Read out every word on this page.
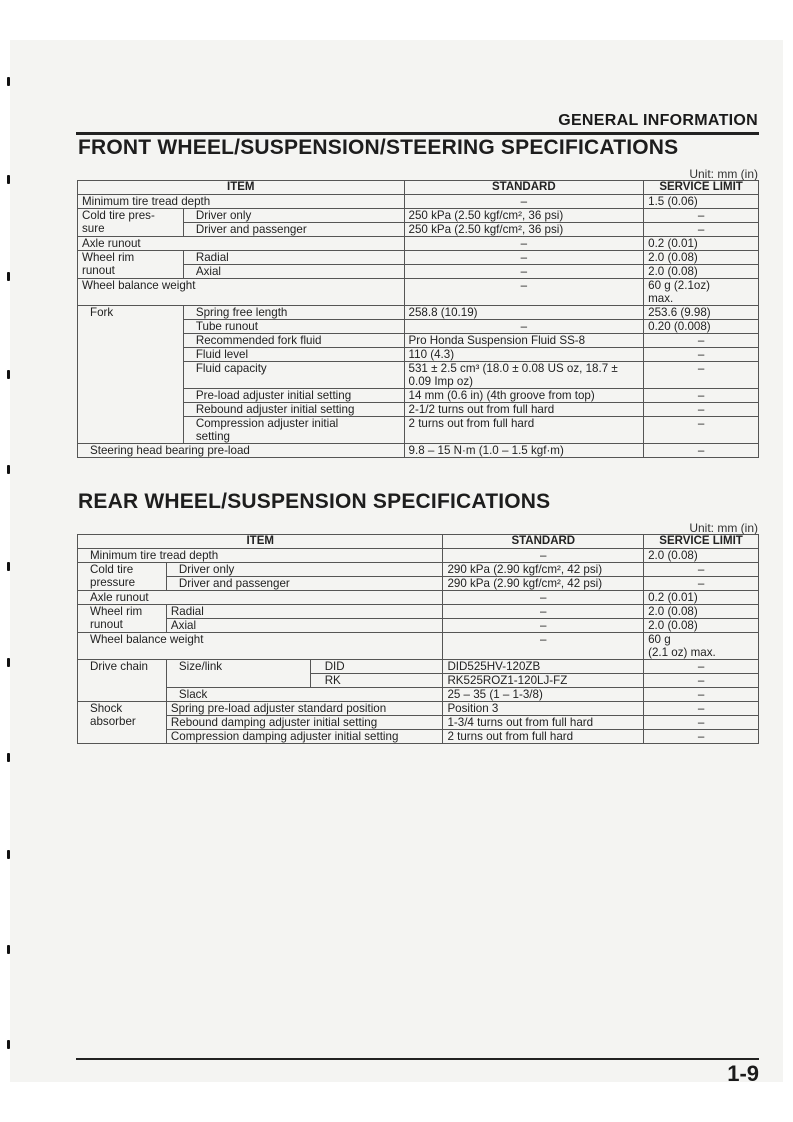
GENERAL INFORMATION
FRONT WHEEL/SUSPENSION/STEERING SPECIFICATIONS
Unit: mm (in)
ITEM		STANDARD	SERVICE LIMIT
Minimum tire tread depth		–	1.5 (0.06)
Cold tire pres-
sure	Driver only	250 kPa (2.50 kgf/cm², 36 psi)	–
	Driver and passenger	250 kPa (2.50 kgf/cm², 36 psi)	–
Axle runout		–	0.2 (0.01)
Wheel rim
runout	Radial	–	2.0 (0.08)
	Axial	–	2.0 (0.08)
Wheel balance weight		–	60 g (2.1oz)
max.
Fork	Spring free length	258.8 (10.19)	253.6 (9.98)
	Tube runout	–	0.20 (0.008)
	Recommended fork fluid	Pro Honda Suspension Fluid SS-8	–
	Fluid level	110 (4.3)	–
	Fluid capacity	531 ± 2.5 cm³ (18.0 ± 0.08 US oz, 18.7 ±
0.09 Imp oz)	–
	Pre-load adjuster initial setting	14 mm (0.6 in) (4th groove from top)	–
	Rebound adjuster initial setting	2-1/2 turns out from full hard	–
	Compression adjuster initial
setting	2 turns out from full hard	–
Steering head bearing pre-load		9.8 – 15 N·m (1.0 – 1.5 kgf·m)	–
REAR WHEEL/SUSPENSION SPECIFICATIONS
Unit: mm (in)
ITEM			STANDARD	SERVICE LIMIT
Minimum tire tread depth			–	2.0 (0.08)
Cold tire
pressure	Driver only		290 kPa (2.90 kgf/cm², 42 psi)	–
	Driver and passenger		290 kPa (2.90 kgf/cm², 42 psi)	–
Axle runout			–	0.2 (0.01)
Wheel rim
runout	Radial		–	2.0 (0.08)
	Axial		–	2.0 (0.08)
Wheel balance weight			–	60 g
(2.1 oz) max.
Drive chain	Size/link	DID	DID525HV-120ZB	–
		RK	RK525ROZ1-120LJ-FZ	–
	Slack		25 – 35 (1 – 1-3/8)	–
Shock
absorber	Spring pre-load adjuster standard position		Position 3	–
	Rebound damping adjuster initial setting		1-3/4 turns out from full hard	–
	Compression damping adjuster initial setting		2 turns out from full hard	–
1-9
